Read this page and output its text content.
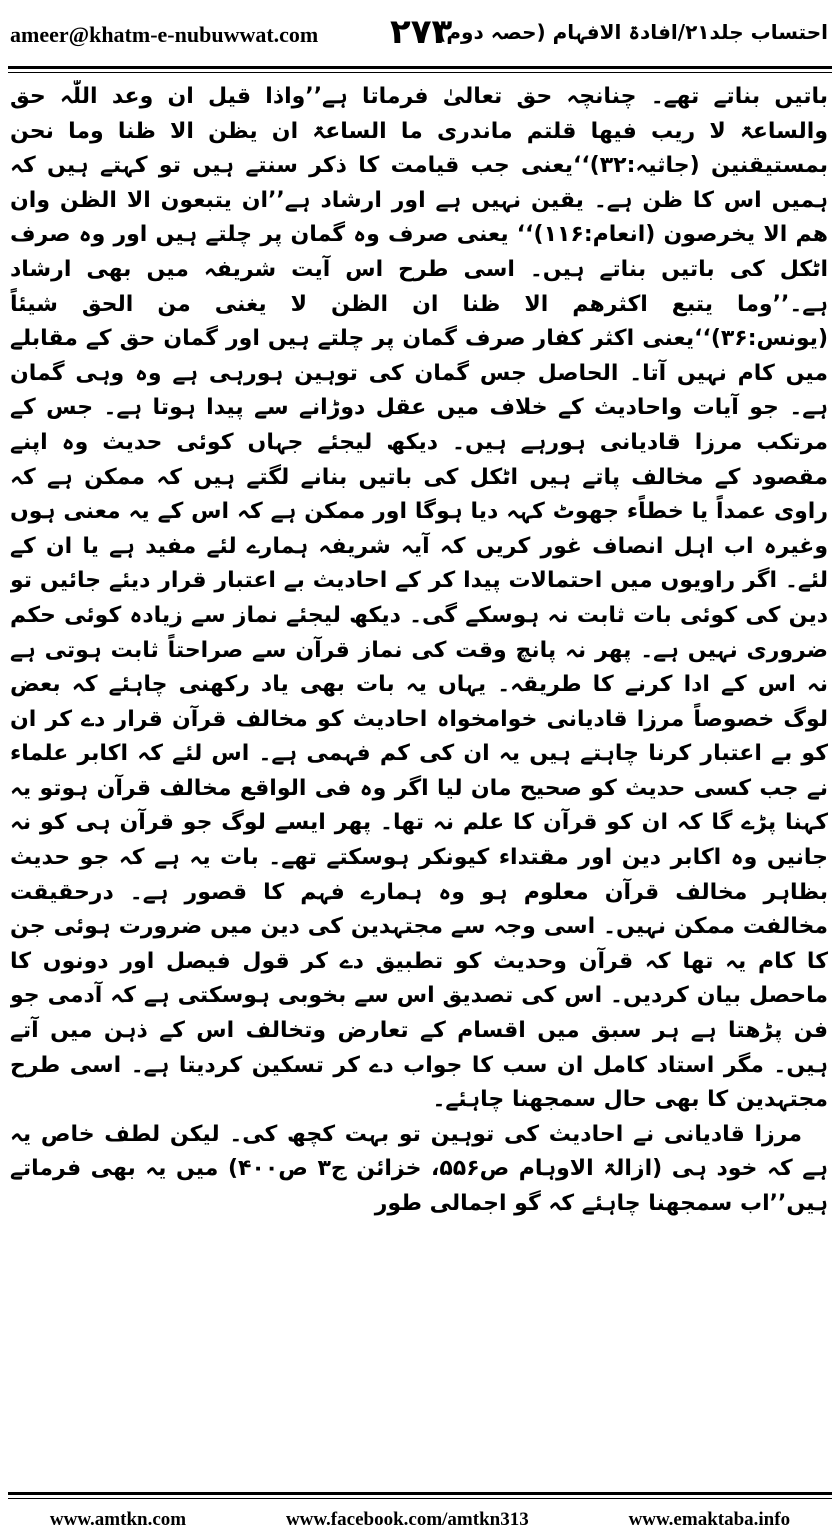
ameer@khatm-e-nubuwwat.com ۲۷۳
احتساب جلد۲۱/افادۃ الافہام (حصہ دوم)

باتیں بناتے تھے۔ چنانچہ حق تعالیٰ فرماتا ہے’’واذا قیل ان وعد اللّٰہ حق والساعۃ لا ریب فیھا قلتم ماندری ما الساعۃ ان یظن الا ظنا وما نحن بمستیقنین (جاثیہ:۳۲)‘‘یعنی جب قیامت کا ذکر سنتے ہیں تو کہتے ہیں کہ ہمیں اس کا ظن ہے۔ یقین نہیں ہے اور ارشاد ہے’’ان یتبعون الا الظن وان ھم الا یخرصون (انعام:۱۱۶)‘‘ یعنی صرف وہ گمان پر چلتے ہیں اور وہ صرف اٹکل کی باتیں بناتے ہیں۔ اسی طرح اس آیت شریفہ میں بھی ارشاد ہے۔’’وما یتبع اکثرھم الا ظنا ان الظن لا یغنی من الحق شیئاً (یونس:۳۶)‘‘یعنی اکثر کفار صرف گمان پر چلتے ہیں اور گمان حق کے مقابلے میں کام نہیں آتا۔ الحاصل جس گمان کی توہین ہورہی ہے وہ وہی گمان ہے۔ جو آیات واحادیث کے خلاف میں عقل دوڑانے سے پیدا ہوتا ہے۔ جس کے مرتکب مرزا قادیانی ہورہے ہیں۔ دیکھ لیجئے جہاں کوئی حدیث وہ اپنے مقصود کے مخالف پاتے ہیں اٹکل کی باتیں بنانے لگتے ہیں کہ ممکن ہے کہ راوی عمداً یا خطاًء جھوٹ کہہ دیا ہوگا اور ممکن ہے کہ اس کے یہ معنی ہوں وغیرہ اب اہل انصاف غور کریں کہ آیہ شریفہ ہمارے لئے مفید ہے یا ان کے لئے۔ اگر راویوں میں احتمالات پیدا کر کے احادیث بے اعتبار قرار دیئے جائیں تو دین کی کوئی بات ثابت نہ ہوسکے گی۔ دیکھ لیجئے نماز سے زیادہ کوئی حکم ضروری نہیں ہے۔ پھر نہ پانچ وقت کی نماز قرآن سے صراحتاً ثابت ہوتی ہے نہ اس کے ادا کرنے کا طریقہ۔ یہاں یہ بات بھی یاد رکھنی چاہئے کہ بعض لوگ خصوصاً مرزا قادیانی خوامخواہ احادیث کو مخالف قرآن قرار دے کر ان کو بے اعتبار کرنا چاہتے ہیں یہ ان کی کم فہمی ہے۔ اس لئے کہ اکابر علماء نے جب کسی حدیث کو صحیح مان لیا اگر وہ فی الواقع مخالف قرآن ہوتو یہ کہنا پڑے گا کہ ان کو قرآن کا علم نہ تھا۔ پھر ایسے لوگ جو قرآن ہی کو نہ جانیں وہ اکابر دین اور مقتداء کیونکر ہوسکتے تھے۔ بات یہ ہے کہ جو حدیث بظاہر مخالف قرآن معلوم ہو وہ ہمارے فہم کا قصور ہے۔ درحقیقت مخالفت ممکن نہیں۔ اسی وجہ سے مجتہدین کی دین میں ضرورت ہوئی جن کا کام یہ تھا کہ قرآن وحدیث کو تطبیق دے کر قول فیصل اور دونوں کا ماحصل بیان کردیں۔ اس کی تصدیق اس سے بخوبی ہوسکتی ہے کہ آدمی جو فن پڑھتا ہے ہر سبق میں اقسام کے تعارض وتخالف اس کے ذہن میں آتے ہیں۔ مگر استاد کامل ان سب کا جواب دے کر تسکین کردیتا ہے۔ اسی طرح مجتہدین کا بھی حال سمجھنا چاہئے۔

مرزا قادیانی نے احادیث کی توہین تو بہت کچھ کی۔ لیکن لطف خاص یہ ہے کہ خود ہی (ازالۃ الاوہام ص۵۵۶، خزائن ج۳ ص۴۰۰) میں یہ بھی فرماتے ہیں’’اب سمجھنا چاہئے کہ گو اجمالی طور

www.amtkn.com	www.facebook.com/amtkn313	www.emaktaba.info
